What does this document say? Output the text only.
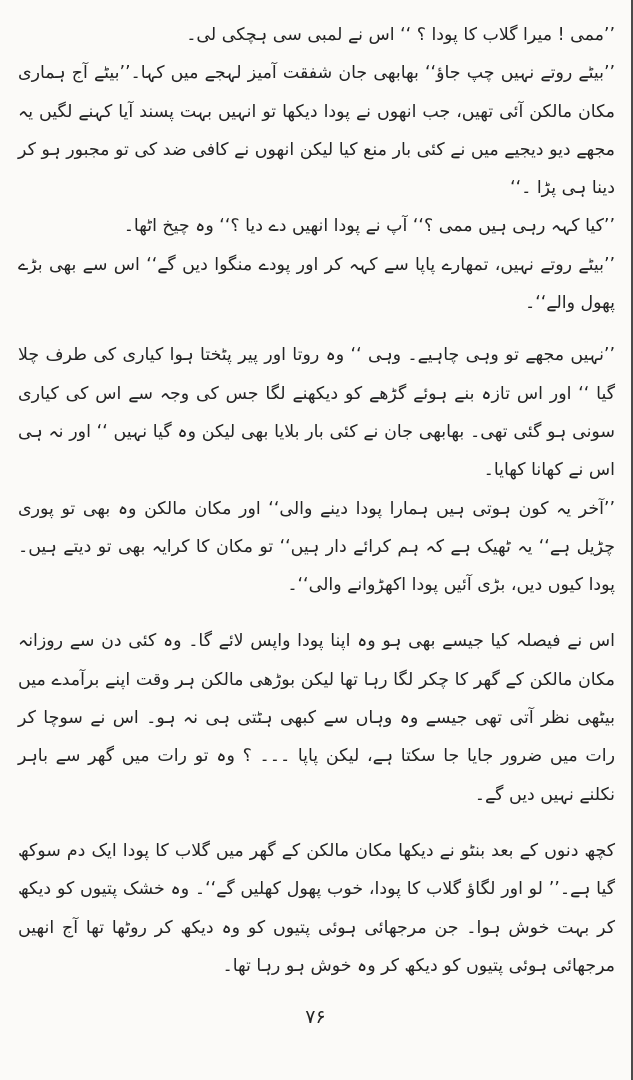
’’ممی ! میرا گلاب کا پودا ؟ ‘‘ اس نے لمبی سی ہچکی لی۔

’’بیٹے روتے نہیں چپ جاؤ‘‘ بھابھی جان شفقت آمیز لہجے میں کہا۔’’بیٹے آج ہماری مکان مالکن آئی تھیں، جب انھوں نے پودا دیکھا تو انہیں بہت پسند آیا کہنے لگیں یہ مجھے دیو دیجیے میں نے کئی بار منع کیا لیکن انھوں نے کافی ضد کی تو مجبور ہو کر دینا ہی پڑا ۔‘‘

’’کیا کہہ رہی ہیں ممی ؟‘‘ آپ نے پودا انھیں دے دیا ؟‘‘ وہ چیخ اٹھا۔

’’بیٹے روتے نہیں، تمھارے پاپا سے کہہ کر اور پودے منگوا دیں گے‘‘ اس سے بھی بڑے پھول والے‘‘۔

’’نہیں مجھے تو وہی چاہیے۔ وہی ‘‘ وہ روتا اور پیر پٹختا ہوا کیاری کی طرف چلا گیا ‘‘ اور اس تازہ بنے ہوئے گڑھے کو دیکھنے لگا جس کی وجہ سے اس کی کیاری سونی ہو گئی تھی۔ بھابھی جان نے کئی بار بلایا بھی لیکن وہ گیا نہیں ‘‘ اور نہ ہی اس نے کھانا کھایا۔

’’آخر یہ کون ہوتی ہیں ہمارا پودا دینے والی‘‘ اور مکان مالکن وہ بھی تو پوری چڑیل ہے‘‘ یہ ٹھیک ہے کہ ہم کرائے دار ہیں‘‘ تو مکان کا کرایہ بھی تو دیتے ہیں۔ پودا کیوں دیں، بڑی آئیں پودا اکھڑوانے والی‘‘۔

اس نے فیصلہ کیا جیسے بھی ہو وہ اپنا پودا واپس لائے گا۔ وہ کئی دن سے روزانہ مکان مالکن کے گھر کا چکر لگا رہا تھا لیکن بوڑھی مالکن ہر وقت اپنے برآمدے میں بیٹھی نظر آتی تھی جیسے وہ وہاں سے کبھی ہٹتی ہی نہ ہو۔ اس نے سوچا کر رات میں ضرور جایا جا سکتا ہے، لیکن پاپا ۔۔۔ ؟ وہ تو رات میں گھر سے باہر نکلنے نہیں دیں گے۔

کچھ دنوں کے بعد بنٹو نے دیکھا مکان مالکن کے گھر میں گلاب کا پودا ایک دم سوکھ گیا ہے۔’’ لو اور لگاؤ گلاب کا پودا، خوب پھول کھلیں گے‘‘۔ وہ خشک پتیوں کو دیکھ کر بہت خوش ہوا۔ جن مرجھائی ہوئی پتیوں کو وہ دیکھ کر روٹھا تھا آج انھیں مرجھائی ہوئی پتیوں کو دیکھ کر وہ خوش ہو رہا تھا۔

۷۶
